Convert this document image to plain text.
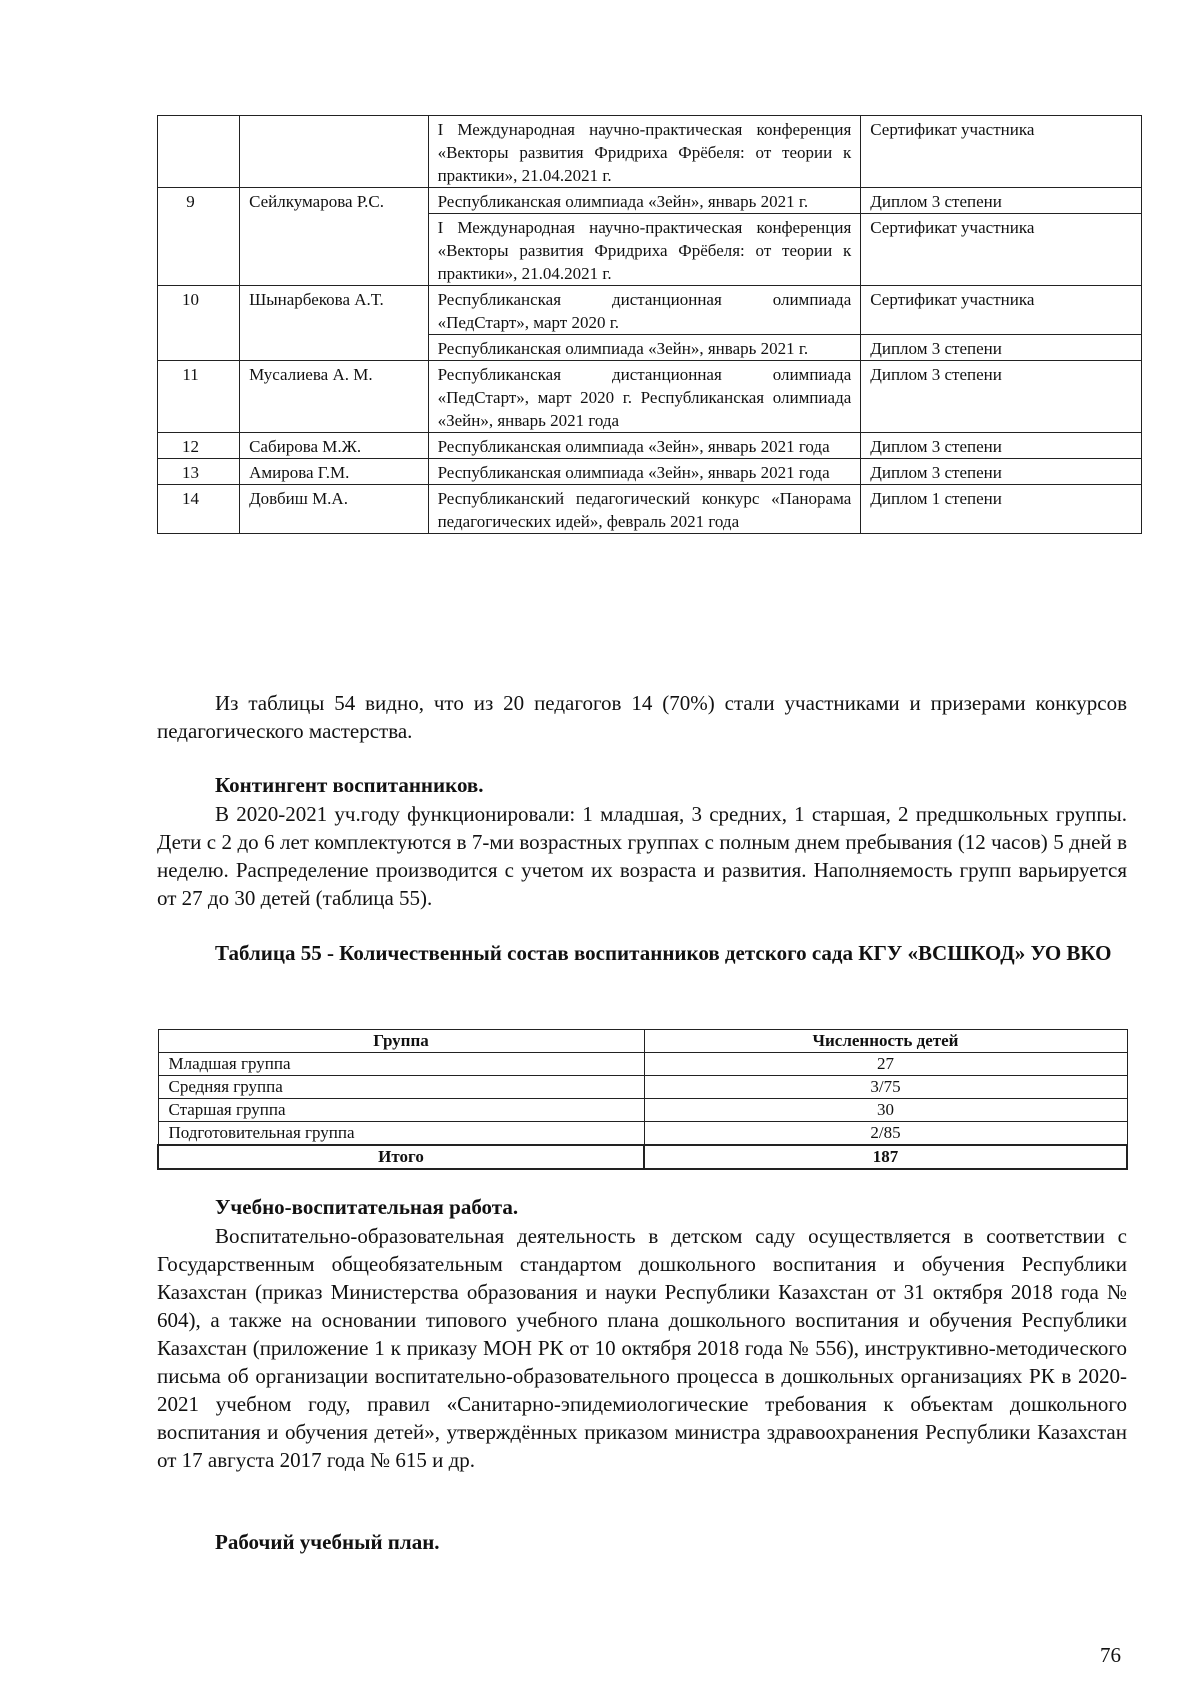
		I Международная научно-практическая конференция «Векторы развития Фридриха Фрёбеля: от теории к практики», 21.04.2021 г.	Сертификат участника
9	Сейлкумарова Р.С.	Республиканская олимпиада «Зейн», январь 2021 г.	Диплом 3 степени
		I Международная научно-практическая конференция «Векторы развития Фридриха Фрёбеля: от теории к практики», 21.04.2021 г.	Сертификат участника
10	Шынарбекова А.Т.	Республиканская дистанционная олимпиада «ПедСтарт», март 2020 г.	Сертификат участника
		Республиканская олимпиада «Зейн», январь 2021 г.	Диплом 3 степени
11	Мусалиева А. М.	Республиканская дистанционная олимпиада «ПедСтарт», март 2020 г. Республиканская олимпиада «Зейн», январь 2021 года	Диплом 3 степени
12	Сабирова М.Ж.	Республиканская олимпиада «Зейн», январь 2021 года	Диплом 3 степени
13	Амирова Г.М.	Республиканская олимпиада «Зейн», январь 2021 года	Диплом 3 степени
14	Довбиш М.А.	Республиканский педагогический конкурс «Панорама педагогических идей», февраль 2021 года	Диплом 1 степени

Из таблицы 54 видно, что из 20 педагогов 14 (70%) стали участниками и призерами конкурсов педагогического мастерства.

Контингент воспитанников.

В 2020-2021 уч.году функционировали: 1 младшая, 3 средних, 1 старшая, 2 предшкольных группы. Дети с 2 до 6 лет комплектуются в 7-ми возрастных группах с полным днем пребывания (12 часов) 5 дней в неделю. Распределение производится с учетом их возраста и развития. Наполняемость групп варьируется от 27 до 30 детей (таблица 55).

Таблица 55 - Количественный состав воспитанников детского сада КГУ «ВСШКОД» УО ВКО

Группа	Численность детей
Младшая группа	27
Средняя группа	3/75
Старшая группа	30
Подготовительная группа	2/85
Итого	187

Учебно-воспитательная работа.

Воспитательно-образовательная деятельность в детском саду осуществляется в соответствии с Государственным общеобязательным стандартом дошкольного воспитания и обучения Республики Казахстан (приказ Министерства образования и науки Республики Казахстан от 31 октября 2018 года № 604), а также на основании типового учебного плана дошкольного воспитания и обучения Республики Казахстан (приложение 1 к приказу МОН РК от 10 октября 2018 года № 556), инструктивно-методического письма об организации воспитательно-образовательного процесса в дошкольных организациях РК в 2020-2021 учебном году, правил «Санитарно-эпидемиологические требования к объектам дошкольного воспитания и обучения детей», утверждённых приказом министра здравоохранения Республики Казахстан от 17 августа 2017 года № 615 и др.

Рабочий учебный план.

76
